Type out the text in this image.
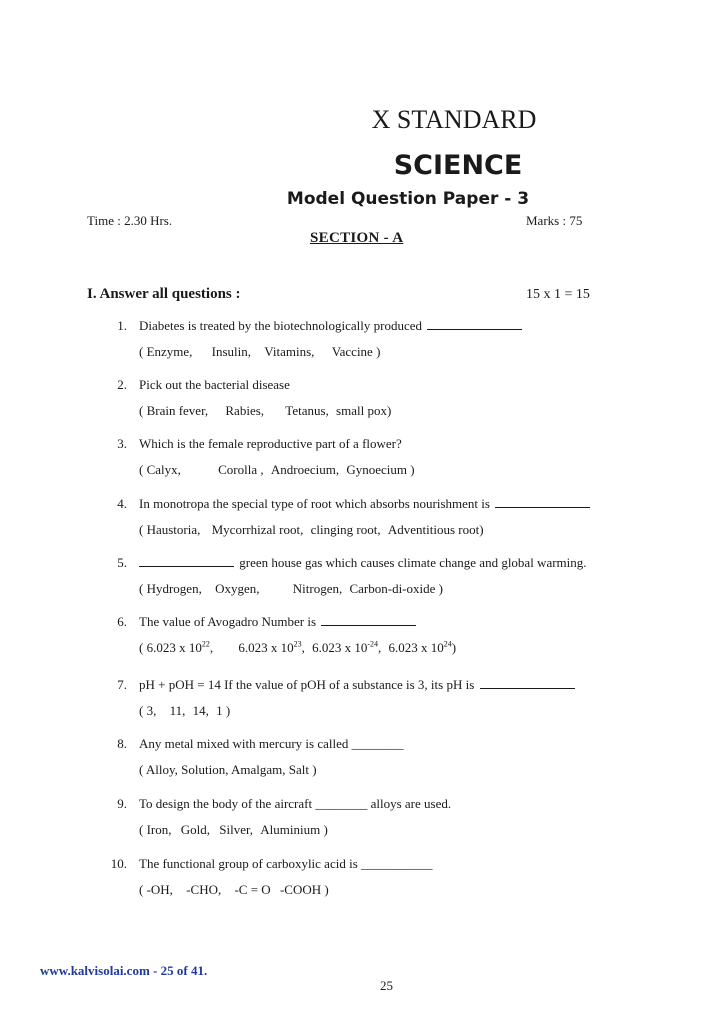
X STANDARD
SCIENCE
Model Question Paper - 3
Time : 2.30 Hrs.	Marks : 75
SECTION - A
I. Answer all questions :	15 x 1 = 15
1. Diabetes is treated by the biotechnologically produced
( Enzyme, Insulin, Vitamins, Vaccine )
2. Pick out the bacterial disease
( Brain fever, Rabies, Tetanus, small pox)
3. Which is the female reproductive part of a flower?
( Calyx,	Corolla , Androecium, Gynoecium )
4. In monotropa the special type of root which absorbs nourishment is
( Haustoria, Mycorrhizal root, clinging root, Adventitious root)
5.	green house gas which causes climate change and global warming.
( Hydrogen, Oxygen,	Nitrogen, Carbon-di-oxide )
6. The value of Avogadro Number is
( 6.023 x $10^{22}$, 6.023 x $10^{23}$, 6.023 x $10^{-24}$, 6.023 x $10^{24}$)
7. pH + pOH = 14 If the value of pOH of a substance is 3, its pH is
( 3, 11, 14, 1 )
8. Any metal mixed with mercury is called ________
( Alloy, Solution, Amalgam, Salt )
9. To design the body of the aircraft ________ alloys are used.
( Iron, Gold, Silver, Aluminium )
10. The functional group of carboxylic acid is ___________
( -OH, -CHO, -C = O -COOH )
www.kalvisolai.com - 25 of 41.
25
